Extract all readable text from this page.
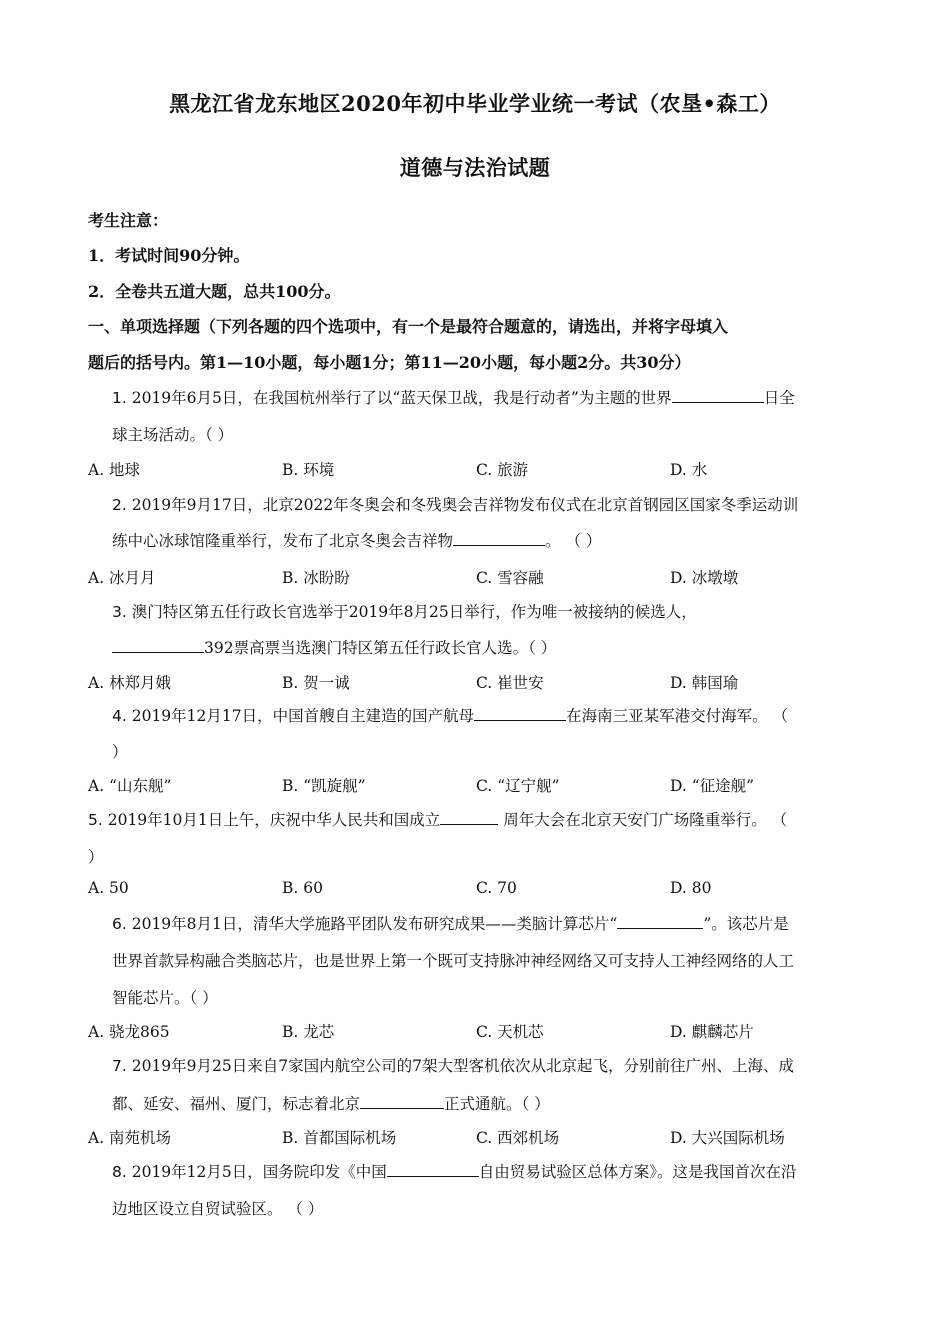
黑龙江省龙东地区2020年初中毕业学业统一考试（农垦•森工）
道德与法治试题
考生注意：
1．考试时间90分钟。
2．全卷共五道大题，总共100分。
一、单项选择题（下列各题的四个选项中，有一个是最符合题意的，请选出，并将字母填入
题后的括号内。第1—10小题，每小题1分；第11—20小题，每小题2分。共30分）
1. 2019年6月5日，在我国杭州举行了以“蓝天保卫战，我是行动者”为主题的世界	日全
球主场活动。（ ）
A. 地球	B. 环境	C. 旅游	D. 水
2. 2019年9月17日，北京2022年冬奥会和冬残奥会吉祥物发布仪式在北京首钢园区国家冬季运动训
练中心冰球馆隆重举行，发布了北京冬奥会吉祥物	。 （ ）
A. 冰月月	B. 冰盼盼	C. 雪容融	D. 冰墩墩
3. 澳门特区第五任行政长官选举于2019年8月25日举行，作为唯一被接纳的候选人，
392票高票当选澳门特区第五任行政长官人选。（ ）
A. 林郑月娥	B. 贺一诚	C. 崔世安	D. 韩国瑜
4. 2019年12月17日，中国首艘自主建造的国产航母	在海南三亚某军港交付海军。 （
）
A. “山东舰”	B. “凯旋舰”	C. “辽宁舰”	D. “征途舰”
5. 2019年10月1日上午，庆祝中华人民共和国成立	周年大会在北京天安门广场隆重举行。 （
）
A. 50	B. 60	C. 70	D. 80
6. 2019年8月1日，清华大学施路平团队发布研究成果——类脑计算芯片“	”。该芯片是
世界首款异构融合类脑芯片，也是世界上第一个既可支持脉冲神经网络又可支持人工神经网络的人工
智能芯片。（ ）
A. 骁龙865	B. 龙芯	C. 天机芯	D. 麒麟芯片
7. 2019年9月25日来自7家国内航空公司的7架大型客机依次从北京起飞，分别前往广州、上海、成
都、延安、福州、厦门，标志着北京	正式通航。（ ）
A. 南苑机场	B. 首都国际机场	C. 西郊机场	D. 大兴国际机场
8. 2019年12月5日，国务院印发《中国	自由贸易试验区总体方案》。这是我国首次在沿
边地区设立自贸试验区。 （ ）
